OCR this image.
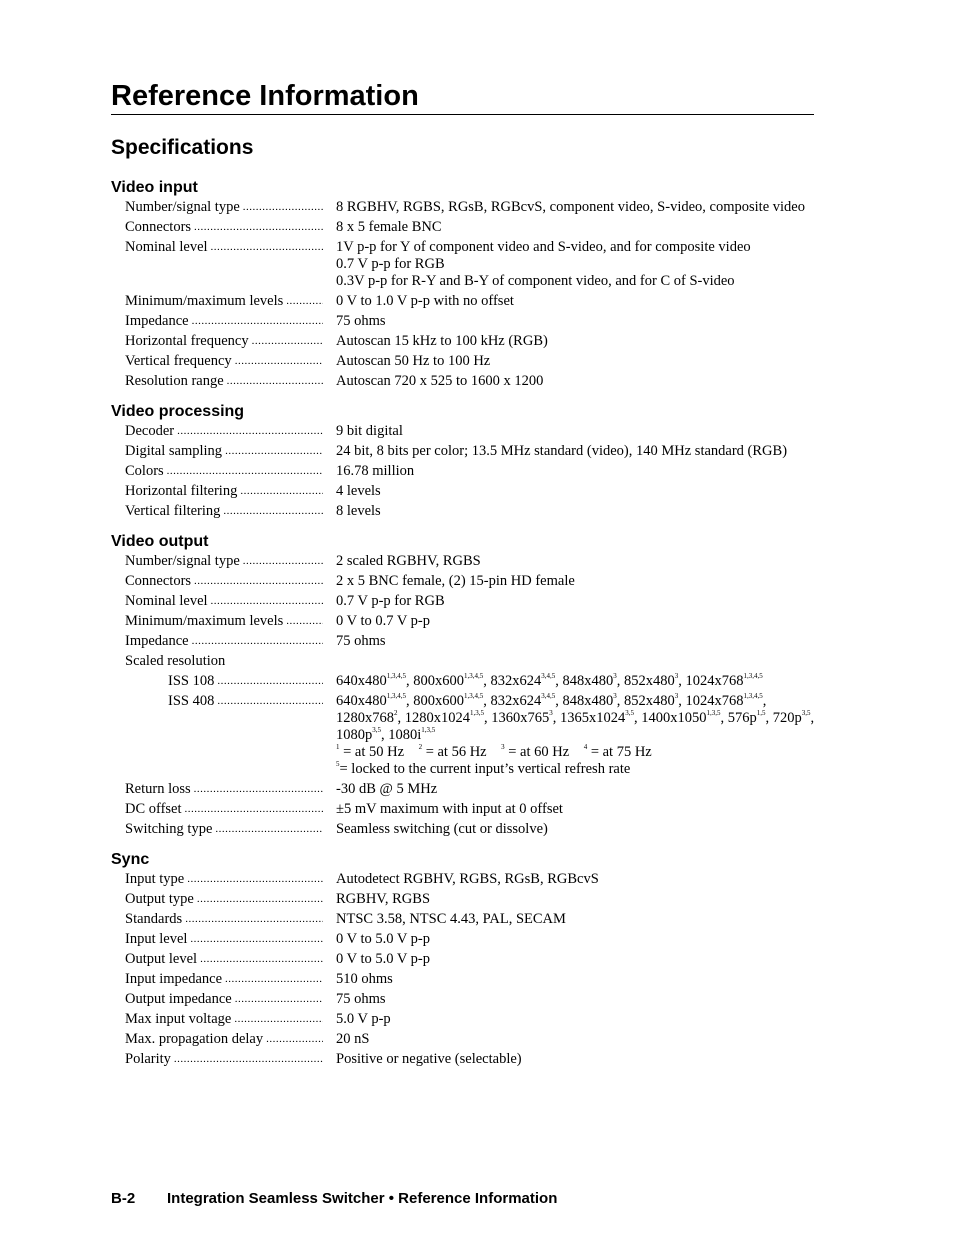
Reference Information
Specifications
Video input
Number/signal type .....	8 RGBHV, RGBS, RGsB, RGBcvS, component video, S-video, composite video
Connectors .....	8 x 5 female BNC
Nominal level .....	1V p-p for Y of component video and S-video, and for composite video
0.7 V p-p for RGB
0.3V p-p for R-Y and B-Y of component video, and for C of S-video
Minimum/maximum levels .....	0 V to 1.0 V p-p with no offset
Impedance .....	75 ohms
Horizontal frequency .....	Autoscan 15 kHz to 100 kHz (RGB)
Vertical frequency .....	Autoscan 50 Hz to 100 Hz
Resolution range .....	Autoscan 720 x 525 to 1600 x 1200
Video processing
Decoder .....	9 bit digital
Digital sampling .....	24 bit, 8 bits per color; 13.5 MHz standard (video), 140 MHz standard (RGB)
Colors .....	16.78 million
Horizontal filtering .....	4 levels
Vertical filtering .....	8 levels
Video output
Number/signal type .....	2 scaled RGBHV, RGBS
Connectors .....	2 x 5 BNC female, (2) 15-pin HD female
Nominal level .....	0.7 V p-p for RGB
Minimum/maximum levels .....	0 V to 0.7 V p-p
Impedance .....	75 ohms
Scaled resolution
ISS 108 .....	640x480$^{1,3,4,5}$, 800x600$^{1,3,4,5}$, 832x624$^{3,4,5}$, $848x480^3$, $852x480^3$, 1024x768$^{1,3,4,5}$
ISS 408 .....	640x480$^{1,3,4,5}$, 800x600$^{1,3,4,5}$, 832x624$^{3,4,5}$, $848x480^3$, $852x480^3$, 1024x768$^{1,3,4,5}$, $1280x768^2$, 1280x1024$^{1,3,5}$, $1360x765^3$, 1365x1024$^{3,5}$, 1400x1050$^{1,3,5}$, $576p^{1,5}$, $720p^{3,5}$, $1080p^{3,5}$, $1080i^{1,3,5}$
$^1$ = at 50 Hz    $^2$ = at 56 Hz    $^3$ = at 60 Hz    $^4$ = at 75 Hz
$^5$= locked to the current input’s vertical refresh rate
Return loss .....	-30 dB @ 5 MHz
DC offset .....	±5 mV maximum with input at 0 offset
Switching type .....	Seamless switching (cut or dissolve)
Sync
Input type .....	Autodetect RGBHV, RGBS, RGsB, RGBcvS
Output type .....	RGBHV, RGBS
Standards .....	NTSC 3.58, NTSC 4.43, PAL, SECAM
Input level .....	0 V to 5.0 V p-p
Output level .....	0 V to 5.0 V p-p
Input impedance .....	510 ohms
Output impedance .....	75 ohms
Max input voltage .....	5.0 V p-p
Max. propagation delay .....	20 nS
Polarity .....	Positive or negative (selectable)
B-2 Integration Seamless Switcher • Reference Information
